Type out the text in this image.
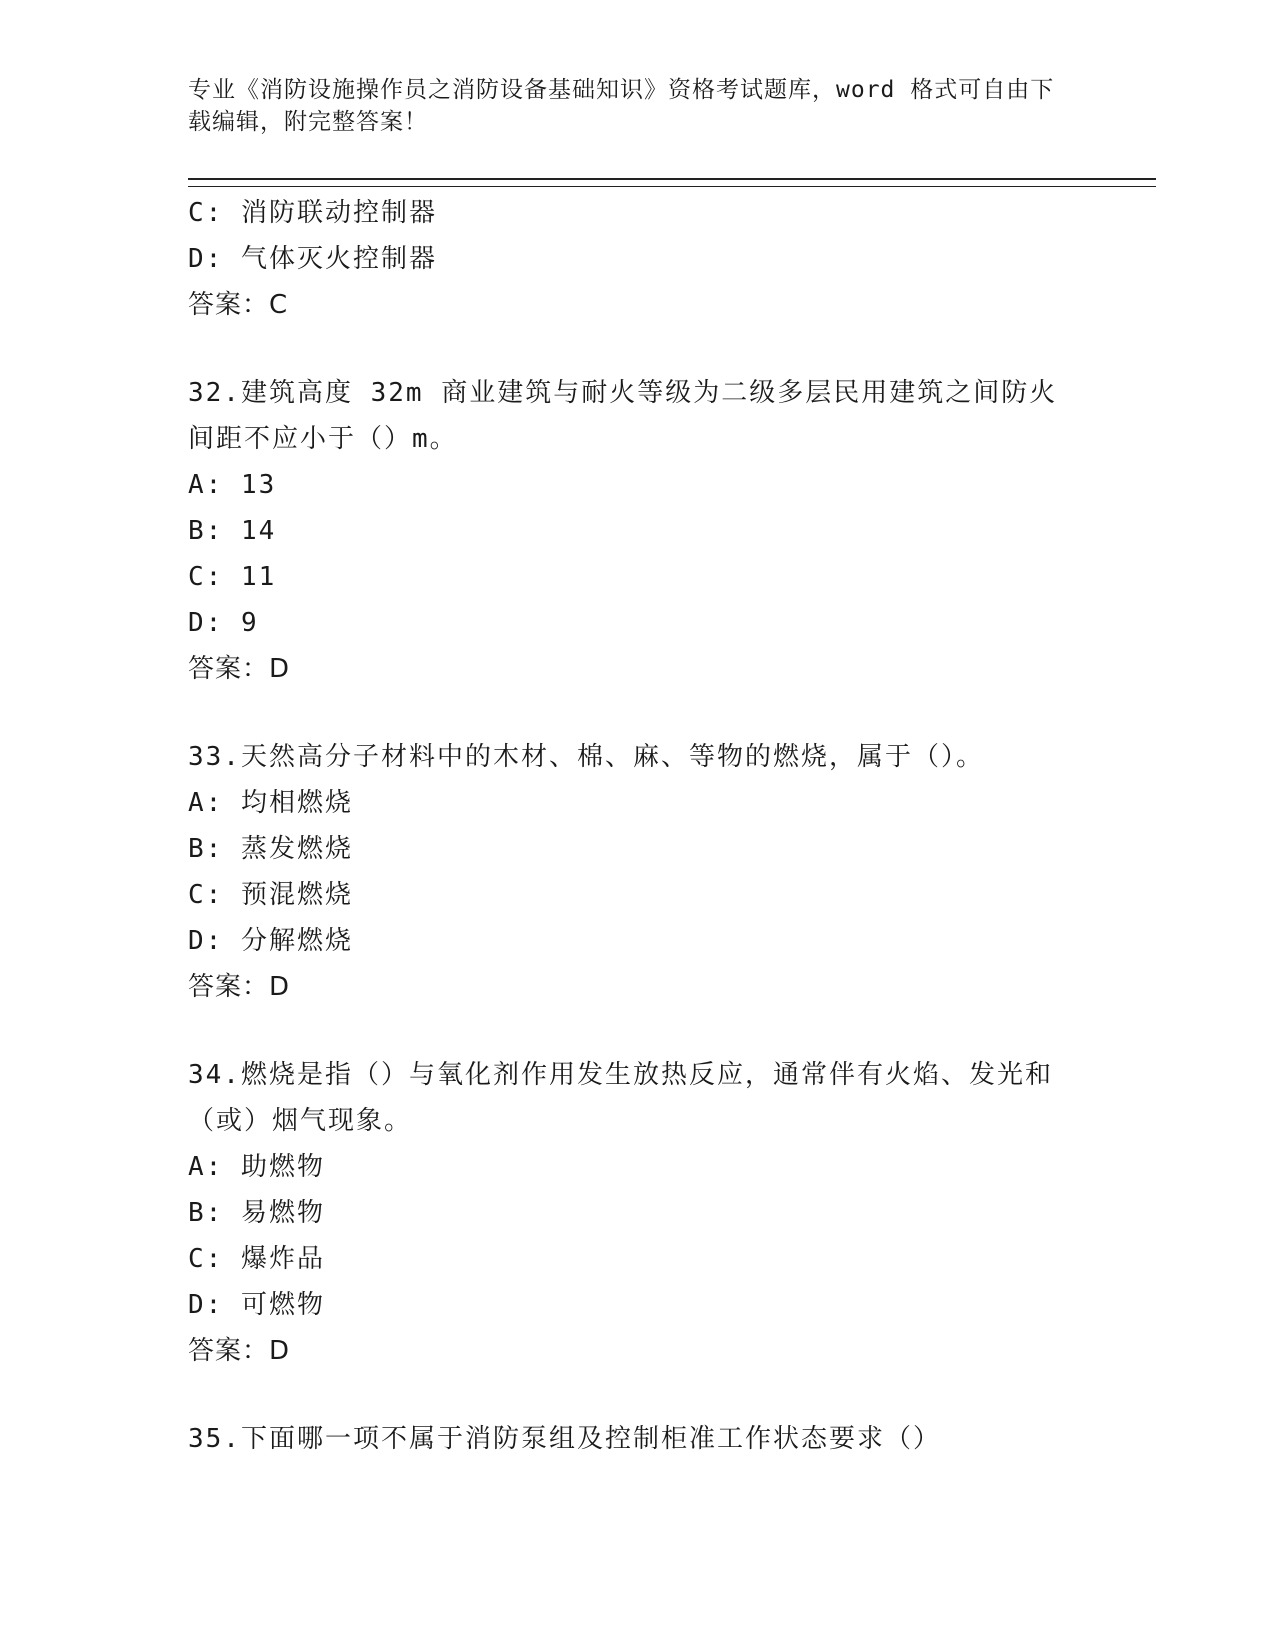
专业《消防设施操作员之消防设备基础知识》资格考试题库，word 格式可自由下载编辑，附完整答案！
C: 消防联动控制器
D: 气体灭火控制器
答案：C
32.建筑高度 32m 商业建筑与耐火等级为二级多层民用建筑之间防火间距不应小于（）m。
A: 13
B: 14
C: 11
D: 9
答案：D
33.天然高分子材料中的木材、棉、麻、等物的燃烧，属于（）。
A: 均相燃烧
B: 蒸发燃烧
C: 预混燃烧
D: 分解燃烧
答案：D
34.燃烧是指（）与氧化剂作用发生放热反应，通常伴有火焰、发光和（或）烟气现象。
A: 助燃物
B: 易燃物
C: 爆炸品
D: 可燃物
答案：D
35.下面哪一项不属于消防泵组及控制柜准工作状态要求（）
